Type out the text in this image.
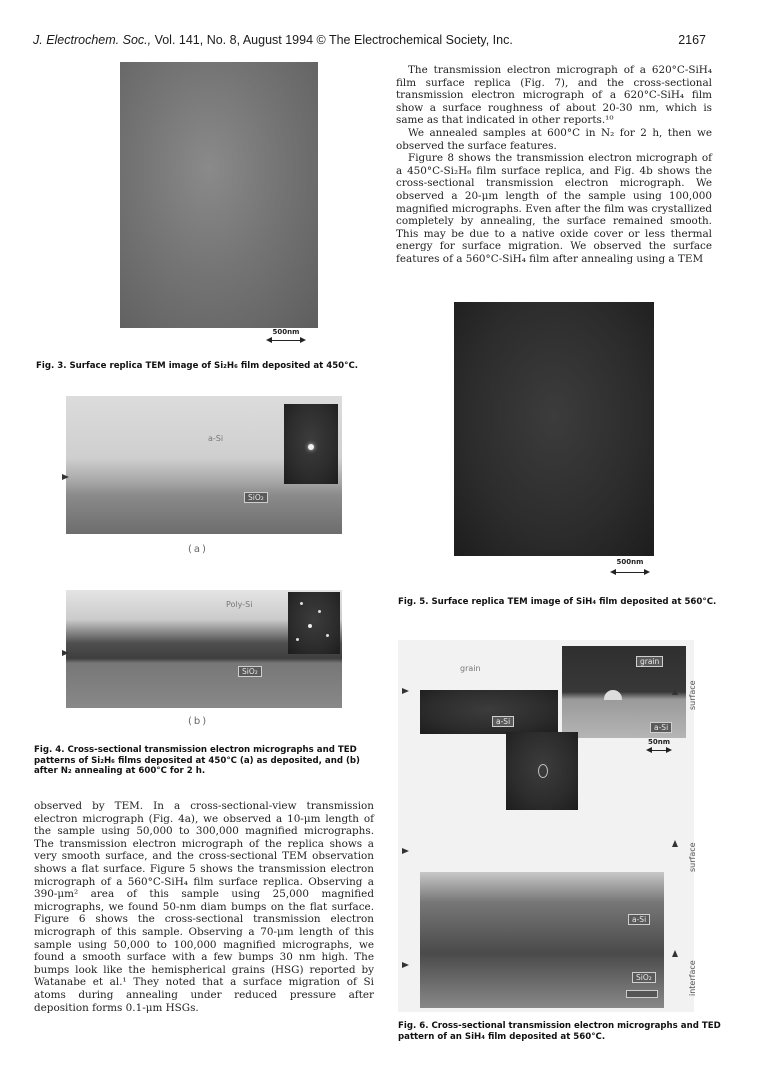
J. Electrochem. Soc., Vol. 141, No. 8, August 1994 © The Electrochemical Society, Inc.	2167
500nm
Fig. 3. Surface replica TEM image of Si₂H₆ film deposited at 450°C.

The transmission electron micrograph of a 620°C-SiH₄ film surface replica (Fig. 7), and the cross-sectional transmission electron micrograph of a 620°C-SiH₄ film show a surface roughness of about 20-30 nm, which is same as that indicated in other reports.¹⁰

We annealed samples at 600°C in N₂ for 2 h, then we observed the surface features.

Figure 8 shows the transmission electron micrograph of a 450°C-Si₂H₆ film surface replica, and Fig. 4b shows the cross-sectional transmission electron micrograph. We observed a 20-μm length of the sample using 100,000 magnified micrographs. Even after the film was crystallized completely by annealing, the surface remained smooth. This may be due to a native oxide cover or less thermal energy for surface migration. We observed the surface features of a 560°C-SiH₄ film after annealing using a TEM

a-Si
SiO₂
(a)
Poly-Si
SiO₂
(b)
Fig. 4. Cross-sectional transmission electron micrographs and TED patterns of Si₂H₆ films deposited at 450°C (a) as deposited, and (b) after N₂ annealing at 600°C for 2 h.

observed by TEM. In a cross-sectional-view transmission electron micrograph (Fig. 4a), we observed a 10-μm length of the sample using 50,000 to 300,000 magnified micrographs. The transmission electron micrograph of the replica shows a very smooth surface, and the cross-sectional TEM observation shows a flat surface. Figure 5 shows the transmission electron micrograph of a 560°C-SiH₄ film surface replica. Observing a 390-μm² area of this sample using 25,000 magnified micrographs, we found 50-nm diam bumps on the flat surface. Figure 6 shows the cross-sectional transmission electron micrograph of this sample. Observing a 70-μm length of this sample using 50,000 to 100,000 magnified micrographs, we found a smooth surface with a few bumps 30 nm high. The bumps look like the hemispherical grains (HSG) reported by Watanabe et al.¹ They noted that a surface migration of Si atoms during annealing under reduced pressure after deposition forms 0.1-μm HSGs.

500nm
Fig. 5. Surface replica TEM image of SiH₄ film deposited at 560°C.
grain
a-Si
grain
a-Si
surface
50nm
surface
a-Si
SiO₂	interface
Fig. 6. Cross-sectional transmission electron micrographs and TED pattern of an SiH₄ film deposited at 560°C.
